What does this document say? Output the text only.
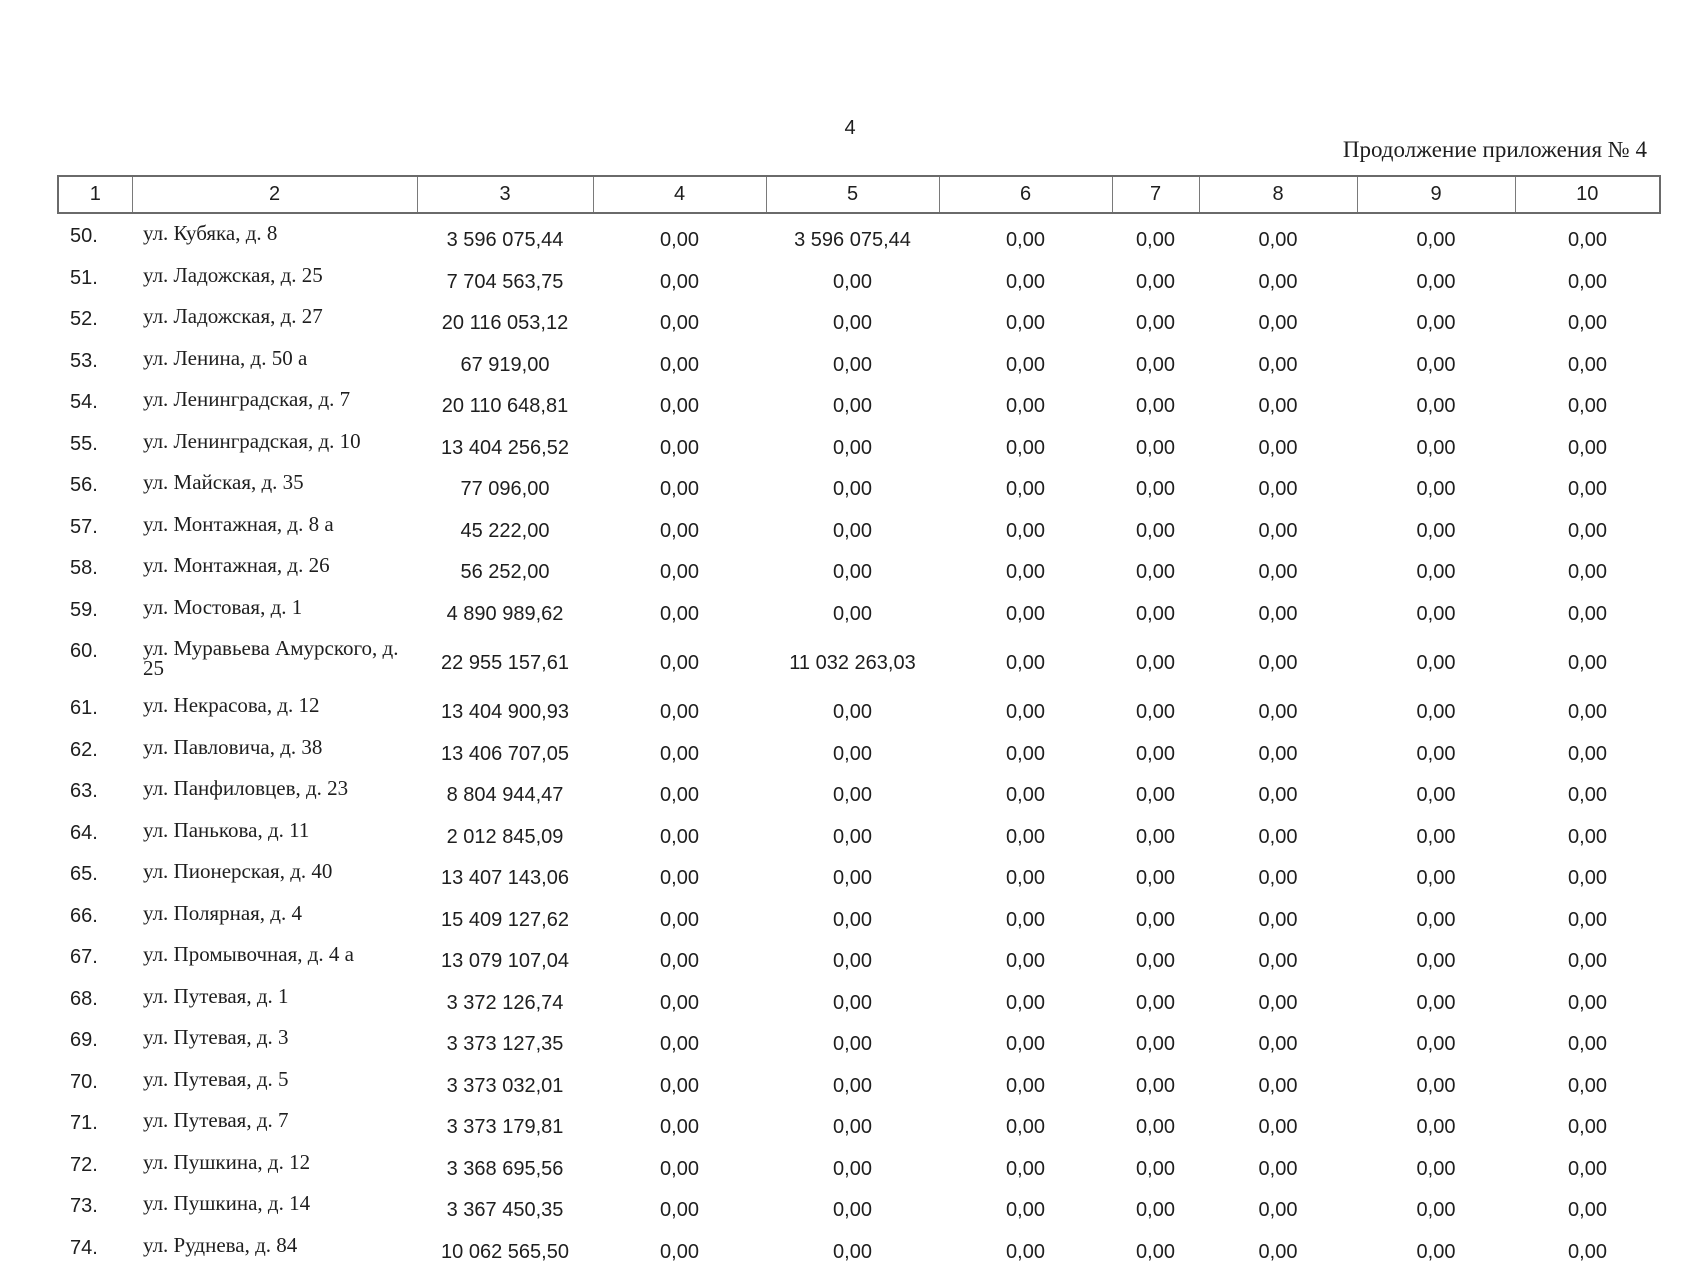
4
Продолжение приложения № 4
1	2	3	4	5	6	7	8	9	10

50.	ул. Кубяка, д. 8	3 596 075,44	0,00	3 596 075,44	0,00	0,00	0,00	0,00	0,00
51.	ул. Ладожская, д. 25	7 704 563,75	0,00	0,00	0,00	0,00	0,00	0,00	0,00
52.	ул. Ладожская, д. 27	20 116 053,12	0,00	0,00	0,00	0,00	0,00	0,00	0,00
53.	ул. Ленина, д. 50 а	67 919,00	0,00	0,00	0,00	0,00	0,00	0,00	0,00
54.	ул. Ленинградская, д. 7	20 110 648,81	0,00	0,00	0,00	0,00	0,00	0,00	0,00
55.	ул. Ленинградская, д. 10	13 404 256,52	0,00	0,00	0,00	0,00	0,00	0,00	0,00
56.	ул. Майская, д. 35	77 096,00	0,00	0,00	0,00	0,00	0,00	0,00	0,00
57.	ул. Монтажная, д. 8 а	45 222,00	0,00	0,00	0,00	0,00	0,00	0,00	0,00
58.	ул. Монтажная, д. 26	56 252,00	0,00	0,00	0,00	0,00	0,00	0,00	0,00
59.	ул. Мостовая, д. 1	4 890 989,62	0,00	0,00	0,00	0,00	0,00	0,00	0,00
60.	ул. Муравьева Амурского, д. 25	22 955 157,61	0,00	11 032 263,03	0,00	0,00	0,00	0,00	0,00
61.	ул. Некрасова, д. 12	13 404 900,93	0,00	0,00	0,00	0,00	0,00	0,00	0,00
62.	ул. Павловича, д. 38	13 406 707,05	0,00	0,00	0,00	0,00	0,00	0,00	0,00
63.	ул. Панфиловцев, д. 23	8 804 944,47	0,00	0,00	0,00	0,00	0,00	0,00	0,00
64.	ул. Панькова, д. 11	2 012 845,09	0,00	0,00	0,00	0,00	0,00	0,00	0,00
65.	ул. Пионерская, д. 40	13 407 143,06	0,00	0,00	0,00	0,00	0,00	0,00	0,00
66.	ул. Полярная, д. 4	15 409 127,62	0,00	0,00	0,00	0,00	0,00	0,00	0,00
67.	ул. Промывочная, д. 4 а	13 079 107,04	0,00	0,00	0,00	0,00	0,00	0,00	0,00
68.	ул. Путевая, д. 1	3 372 126,74	0,00	0,00	0,00	0,00	0,00	0,00	0,00
69.	ул. Путевая, д. 3	3 373 127,35	0,00	0,00	0,00	0,00	0,00	0,00	0,00
70.	ул. Путевая, д. 5	3 373 032,01	0,00	0,00	0,00	0,00	0,00	0,00	0,00
71.	ул. Путевая, д. 7	3 373 179,81	0,00	0,00	0,00	0,00	0,00	0,00	0,00
72.	ул. Пушкина, д. 12	3 368 695,56	0,00	0,00	0,00	0,00	0,00	0,00	0,00
73.	ул. Пушкина, д. 14	3 367 450,35	0,00	0,00	0,00	0,00	0,00	0,00	0,00
74.	ул. Руднева, д. 84	10 062 565,50	0,00	0,00	0,00	0,00	0,00	0,00	0,00
